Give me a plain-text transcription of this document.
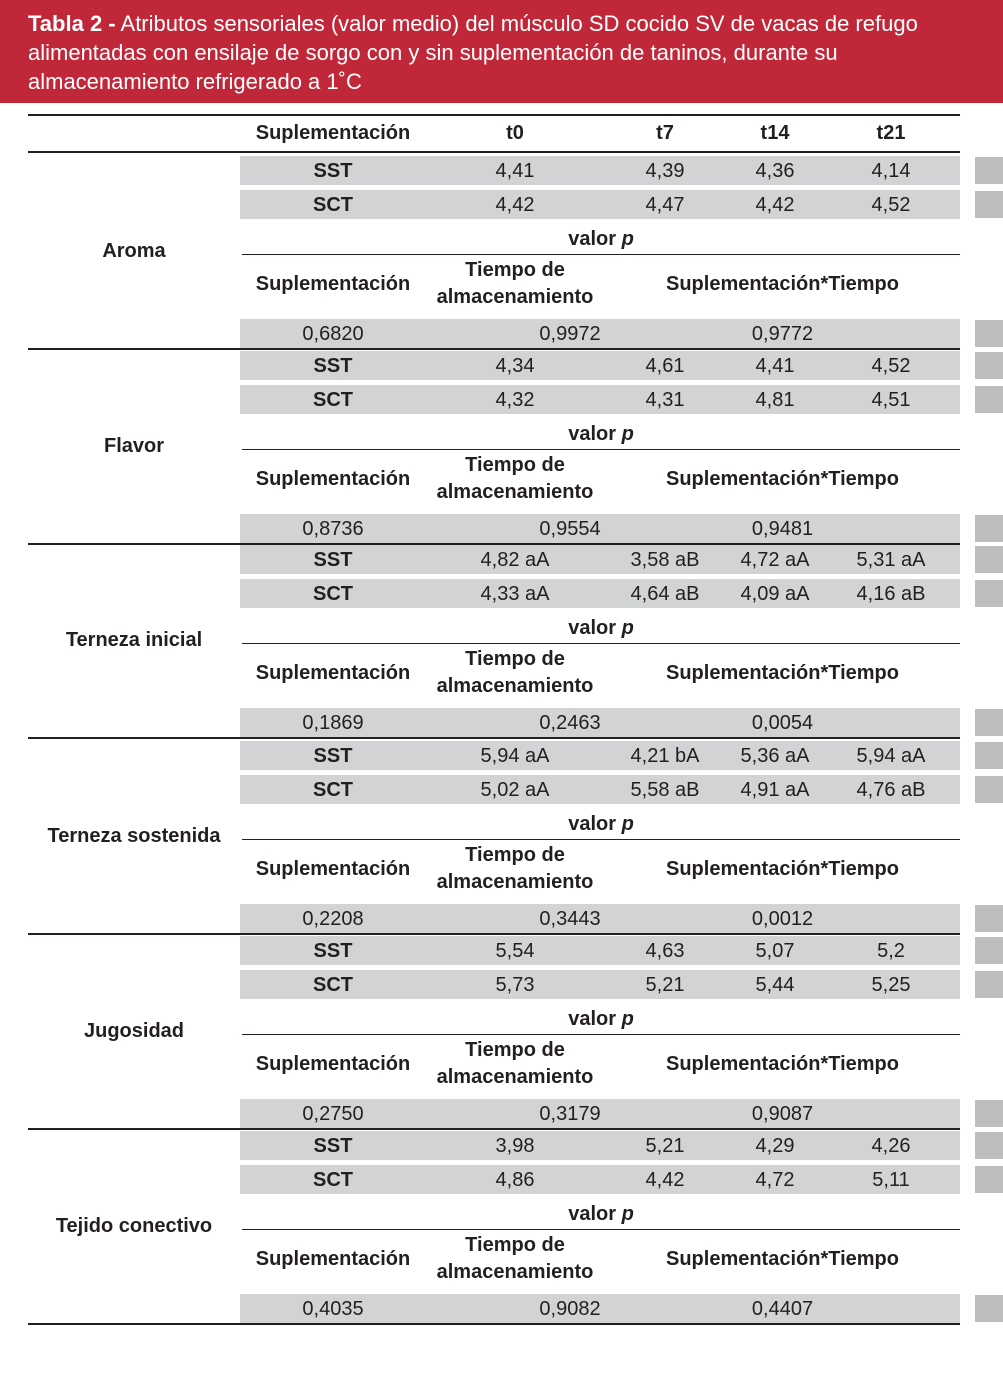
Tabla 2 - Atributos sensoriales (valor medio) del músculo SD cocido SV de vacas de refugo alimentadas con ensilaje de sorgo con y sin suplementación de taninos, durante su almacenamiento refrigerado a 1˚C
Suplementación	t0	t7	t14	t21
SST	4,41	4,39	4,36	4,14
SCT	4,42	4,47	4,42	4,52
Aroma
valor p
Suplementación
Tiempo de almacenamiento
Suplementación*Tiempo
0,6820	0,9972	0,9772
SST	4,34	4,61	4,41	4,52
SCT	4,32	4,31	4,81	4,51
Flavor
valor p
Suplementación
Tiempo de almacenamiento
Suplementación*Tiempo
0,8736	0,9554	0,9481
SST	4,82 aA	3,58 aB 4,72 aA	5,31 aA
SCT	4,33 aA	4,64 aB 4,09 aA	4,16 aB
Terneza inicial
valor p
Suplementación
Tiempo de almacenamiento
Suplementación*Tiempo
0,1869	0,2463	0,0054
SST	5,94 aA	4,21 bA 5,36 aA	5,94 aA
SCT	5,02 aA	5,58 aB 4,91 aA	4,76 aB
Terneza sostenida
valor p
Suplementación
Tiempo de almacenamiento
Suplementación*Tiempo
0,2208	0,3443	0,0012
SST	5,54	4,63	5,07	5,2
SCT	5,73	5,21	5,44	5,25
Jugosidad
valor p
Suplementación
Tiempo de almacenamiento
Suplementación*Tiempo
0,2750	0,3179	0,9087
SST	3,98	5,21	4,29	4,26
SCT	4,86	4,42	4,72	5,11
Tejido conectivo
valor p
Suplementación
Tiempo de almacenamiento
Suplementación*Tiempo
0,4035	0,9082	0,4407
